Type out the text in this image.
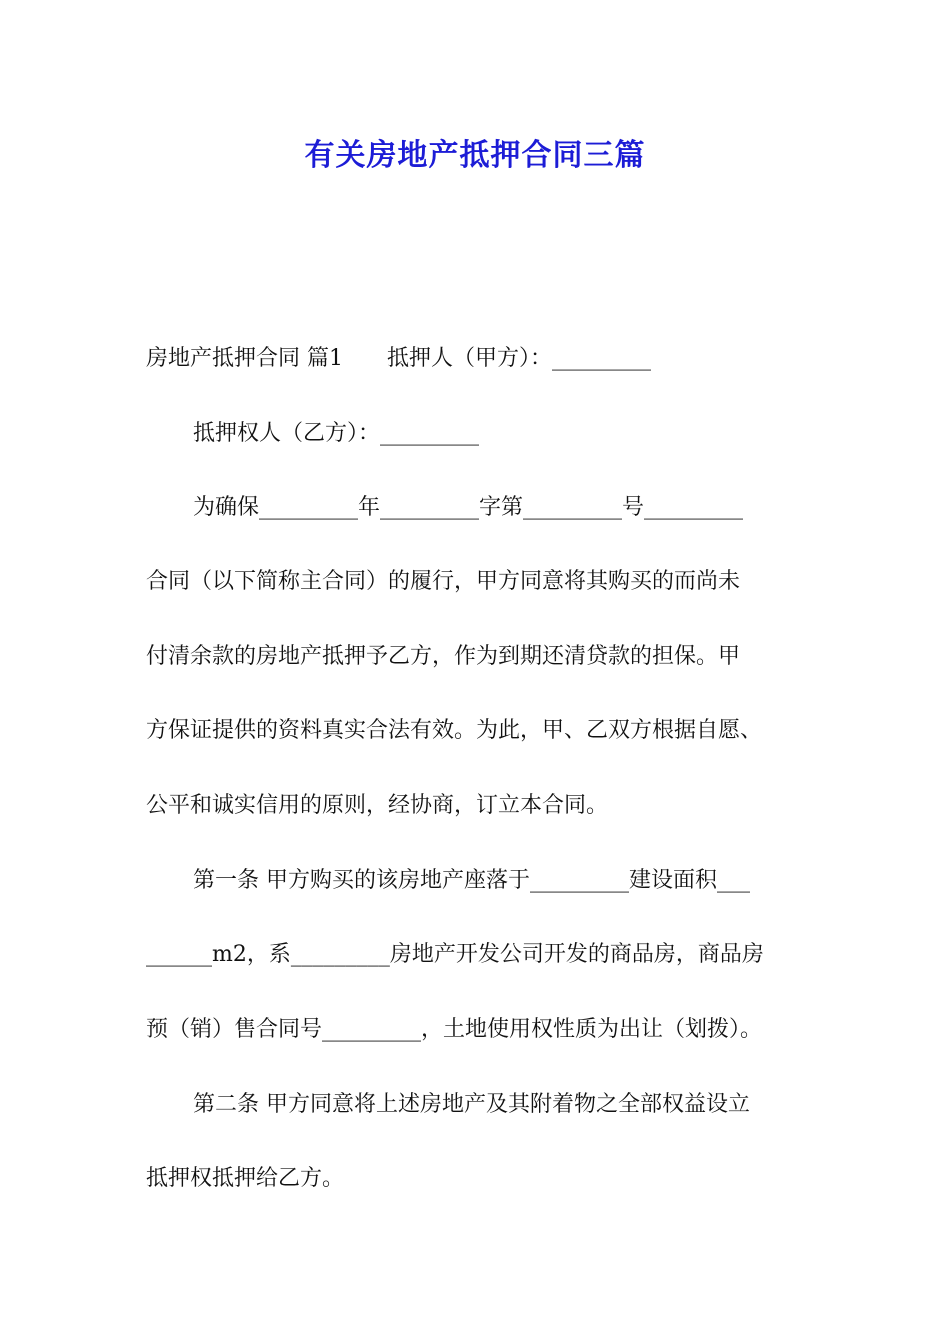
有关房地产抵押合同三篇

房地产抵押合同 篇1　　抵押人（甲方）：_________

抵押权人（乙方）：_________

为确保_________年_________字第_________号_________

合同（以下简称主合同）的履行，甲方同意将其购买的而尚未

付清余款的房地产抵押予乙方，作为到期还清贷款的担保。甲

方保证提供的资料真实合法有效。为此，甲、乙双方根据自愿、

公平和诚实信用的原则，经协商，订立本合同。

第一条 甲方购买的该房地产座落于_________建设面积___

______m2，系_________房地产开发公司开发的商品房，商品房

预（销）售合同号_________，土地使用权性质为出让（划拨）。

第二条 甲方同意将上述房地产及其附着物之全部权益设立

抵押权抵押给乙方。
